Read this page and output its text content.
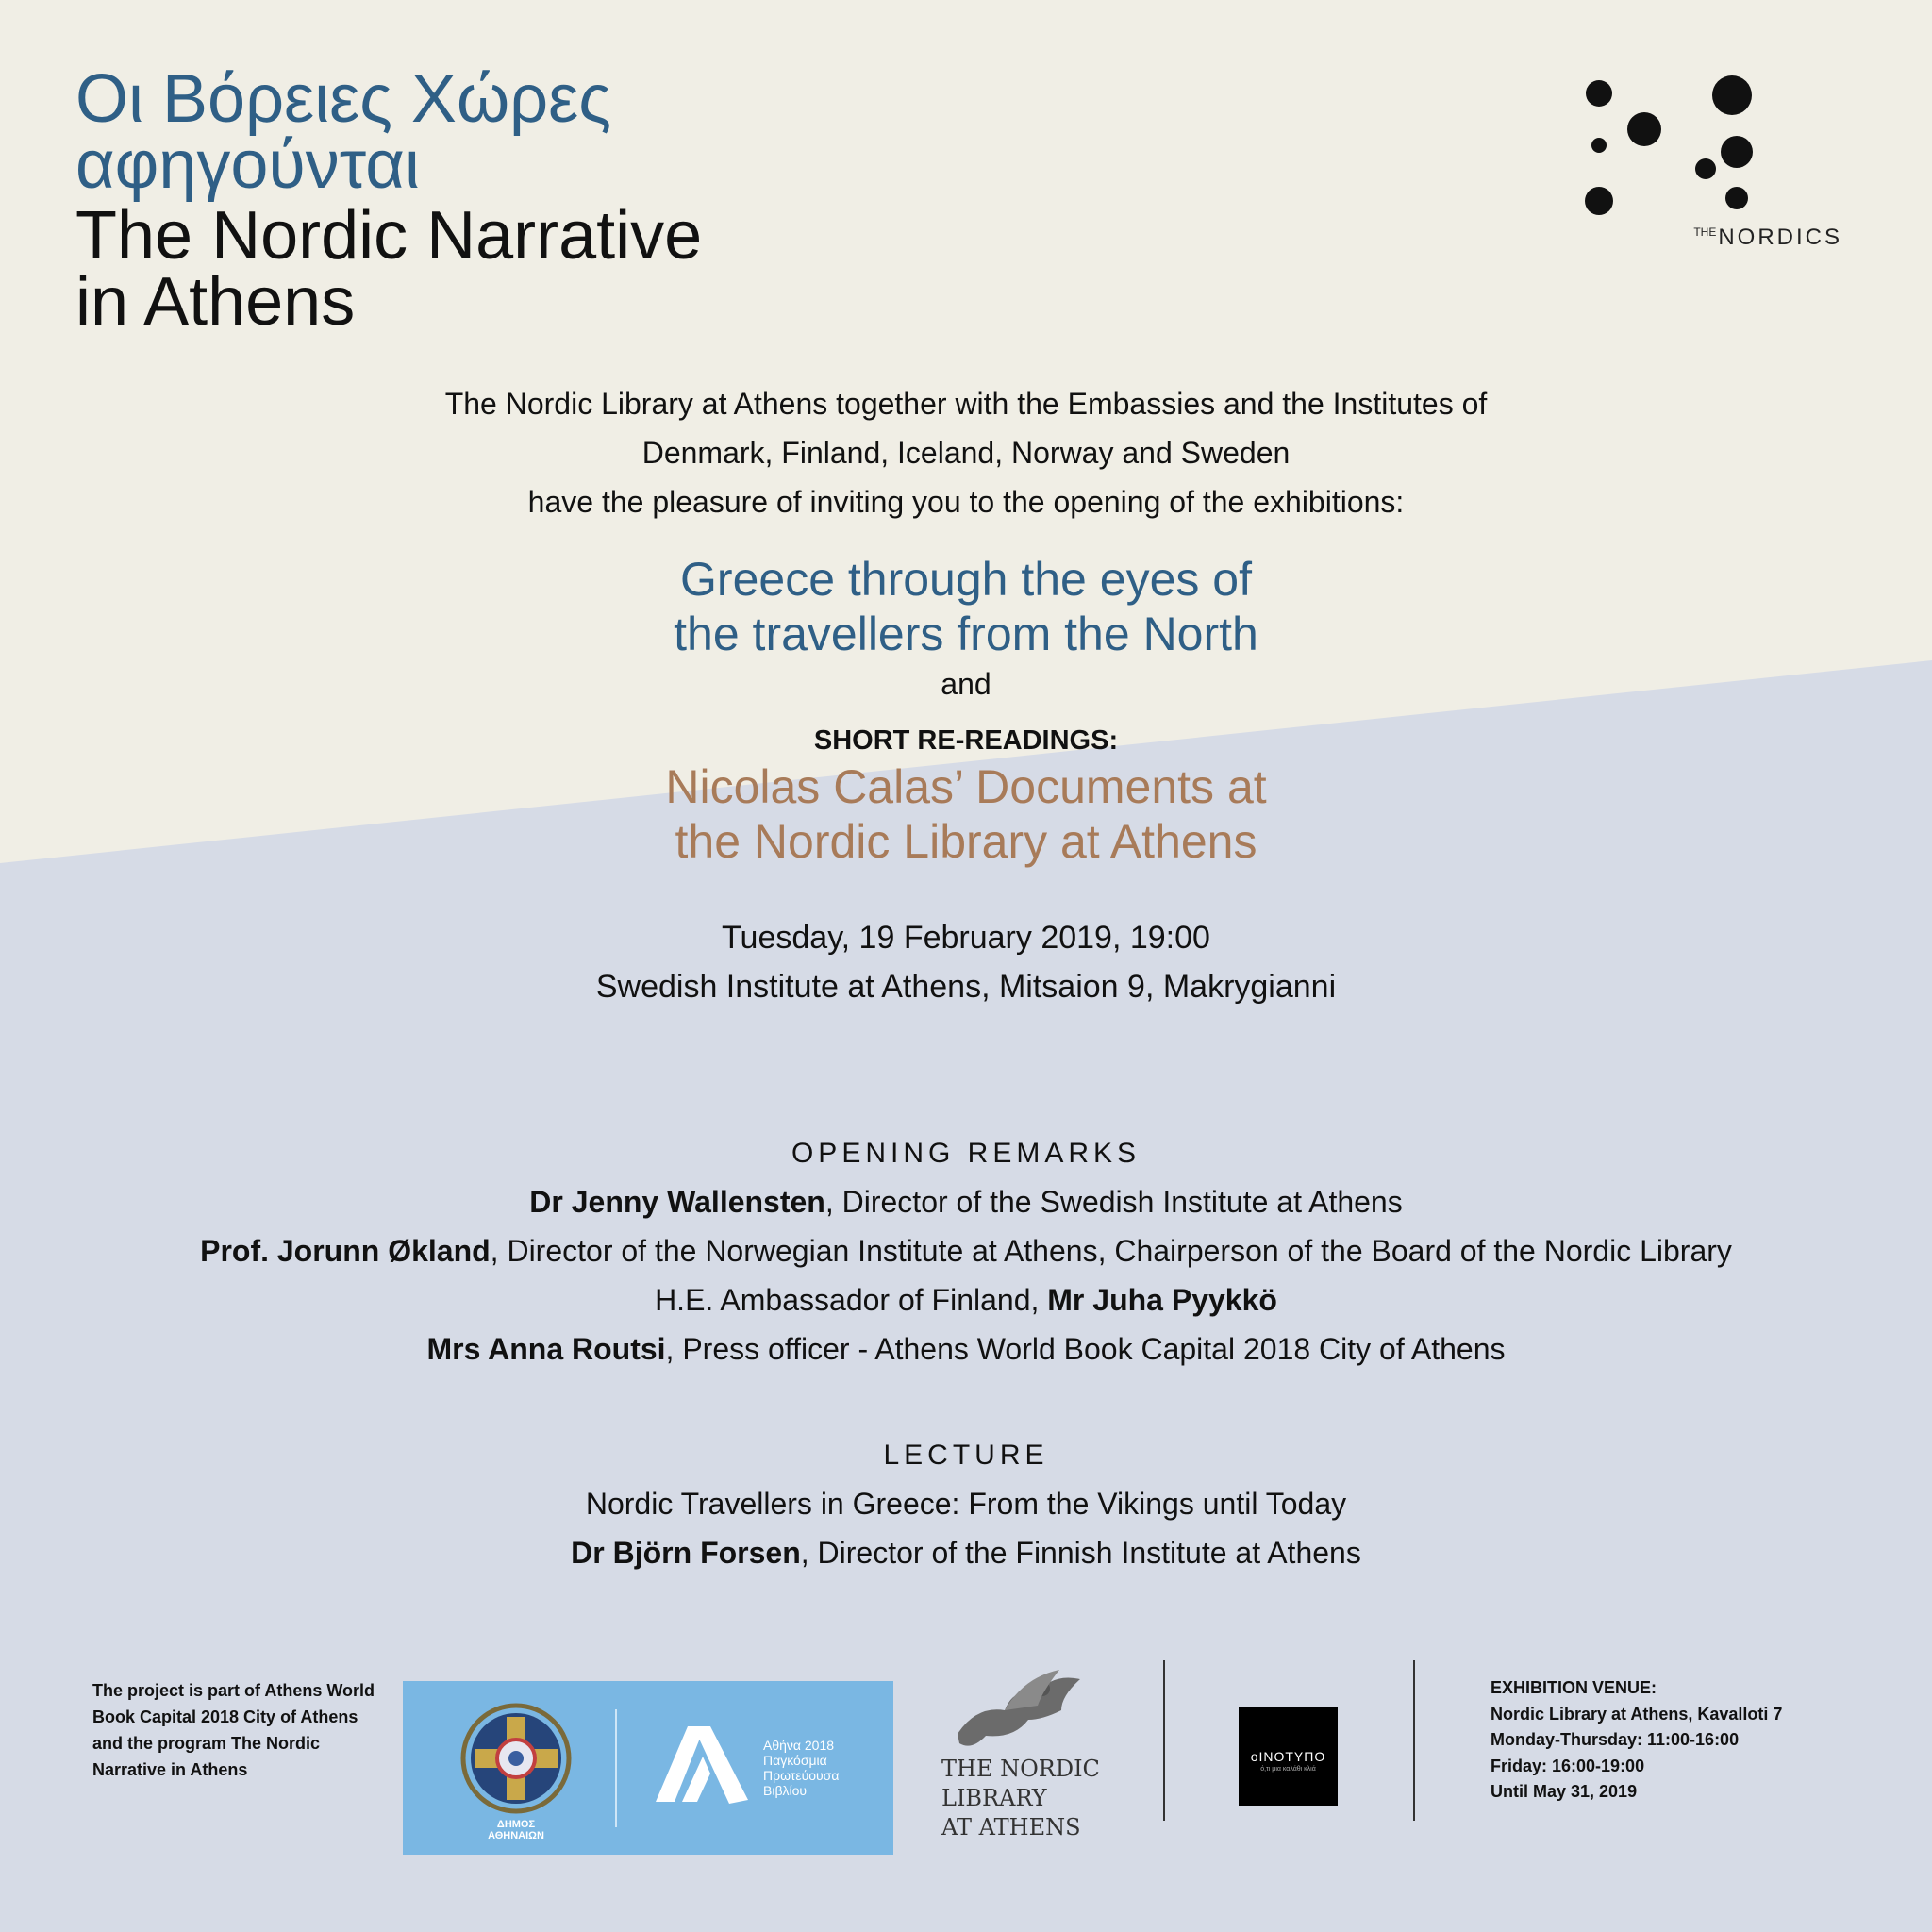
Οι Βόρειες Χώρες
αφηγούνται
The Nordic Narrative
in Athens
$^{THE}$NORDICS
The Nordic Library at Athens together with the Embassies and the Institutes of
Denmark, Finland, Iceland, Norway and Sweden
have the pleasure of inviting you to the opening of the exhibitions:
Greece through the eyes of
the travellers from the North
and
SHORT RE-READINGS:
Nicolas Calas’ Documents at
the Nordic Library at Athens
Tuesday, 19 February 2019, 19:00
Swedish Institute at Athens, Mitsaion 9, Makrygianni
OPENING REMARKS
Dr Jenny Wallensten, Director of the Swedish Institute at Athens
Prof. Jorunn Økland, Director of the Norwegian Institute at Athens, Chairperson of the Board of the Nordic Library
H.E. Ambassador of Finland, Mr Juha Pyykkö
Mrs Anna Routsi, Press officer - Athens World Book Capital 2018 City of Athens
LECTURE
Nordic Travellers in Greece: From the Vikings until Today
Dr Björn Forsen, Director of the Finnish Institute at Athens
The project is part of Athens World
Book Capital 2018 City of Athens
and the program The Nordic
Narrative in Athens
ΔΗΜΟΣ ΑΘΗΝΑΙΩΝ
Αθήνα 2018
Παγκόσμια
Πρωτεύουσα
Βιβλίου
THE NORDIC
LIBRARY
AT ATHENS
οΙΝΟΤΥΠΟ
ό,τι μια καλάθι κλιά
EXHIBITION VENUE:
Nordic Library at Athens, Kavalloti 7
Monday-Thursday: 11:00-16:00
Friday: 16:00-19:00
Until May 31, 2019
